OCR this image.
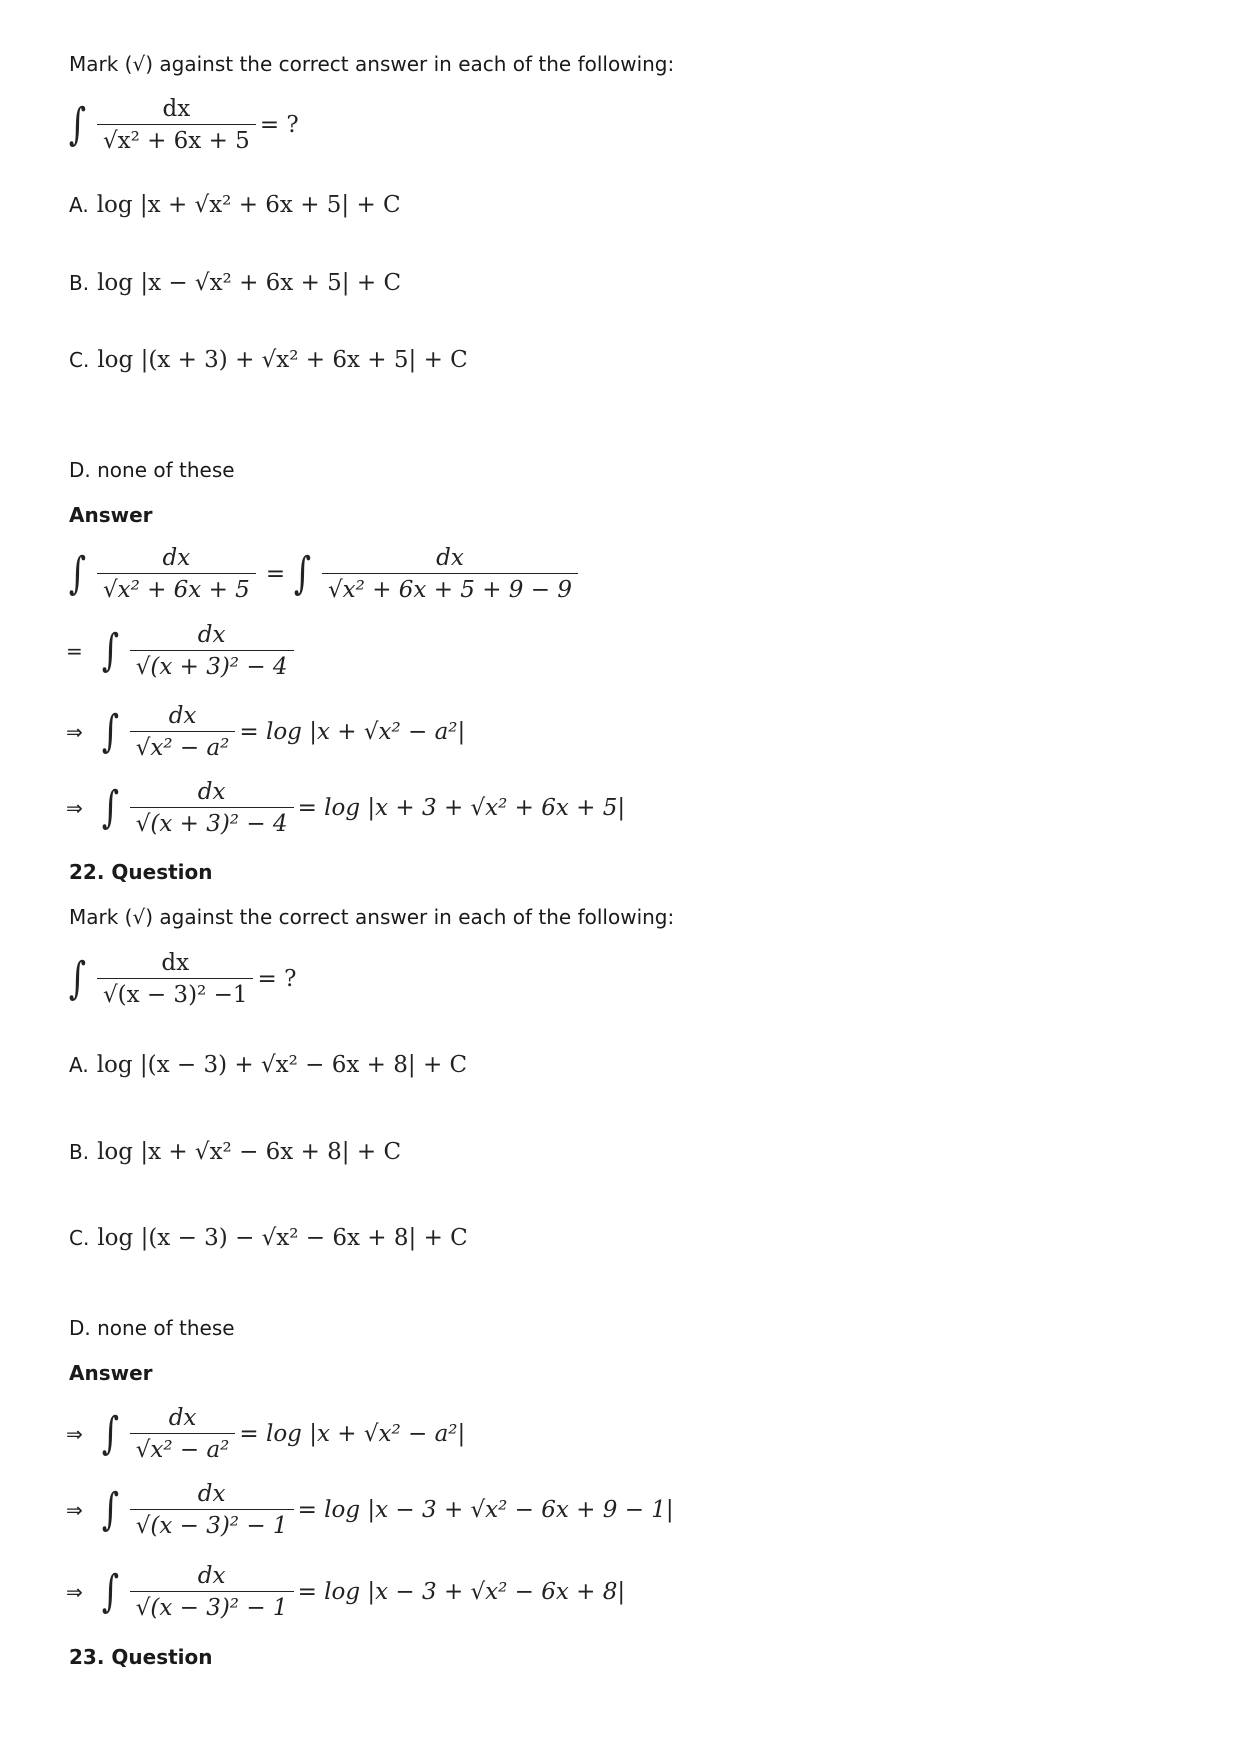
Mark (√) against the correct answer in each of the following:
∫ $\frac{dx}{\text{√x² + 6x + 5}}$ = ?
A. log |x + √x² + 6x + 5| + C
B. log |x − √x² + 6x + 5| + C
C. log |(x + 3) + √x² + 6x + 5| + C
D. none of these
Answer
∫ $\frac{dx}{\text{√x² + 6x + 5}}$ = ∫ $\frac{dx}{\text{√x² + 6x + 5 + 9 − 9}}$
= ∫ $\frac{dx}{\text{√(x + 3)² − 4}}$
⇒ ∫ $\frac{dx}{\text{√x² − a²}} = \log |x + √x^2 - a^2|$
⇒ ∫ $\frac{dx}{\text{√(x + 3)² − 4}} = \log |x + 3 + √x^2 + 6x + 5|$
22. Question
Mark (√) against the correct answer in each of the following:
∫ $\frac{dx}{\text{√(x − 3)² −1}}$ = ?
A. log |(x − 3) + √x² − 6x + 8| + C
B. log |x + √x² − 6x + 8| + C
C. log |(x − 3) − √x² − 6x + 8| + C
D. none of these
Answer
⇒ ∫ $\frac{dx}{\text{√x² − a²}} = \log |x + √x^2 - a^2|$
⇒ ∫ $\frac{dx}{\text{√(x − 3)² − 1}} = \log |x - 3 + √x^2 - 6x + 9 - 1|$
⇒ ∫ $\frac{dx}{\text{√(x − 3)² − 1}} = \log |x - 3 + √x^2 - 6x + 8|$
23. Question
